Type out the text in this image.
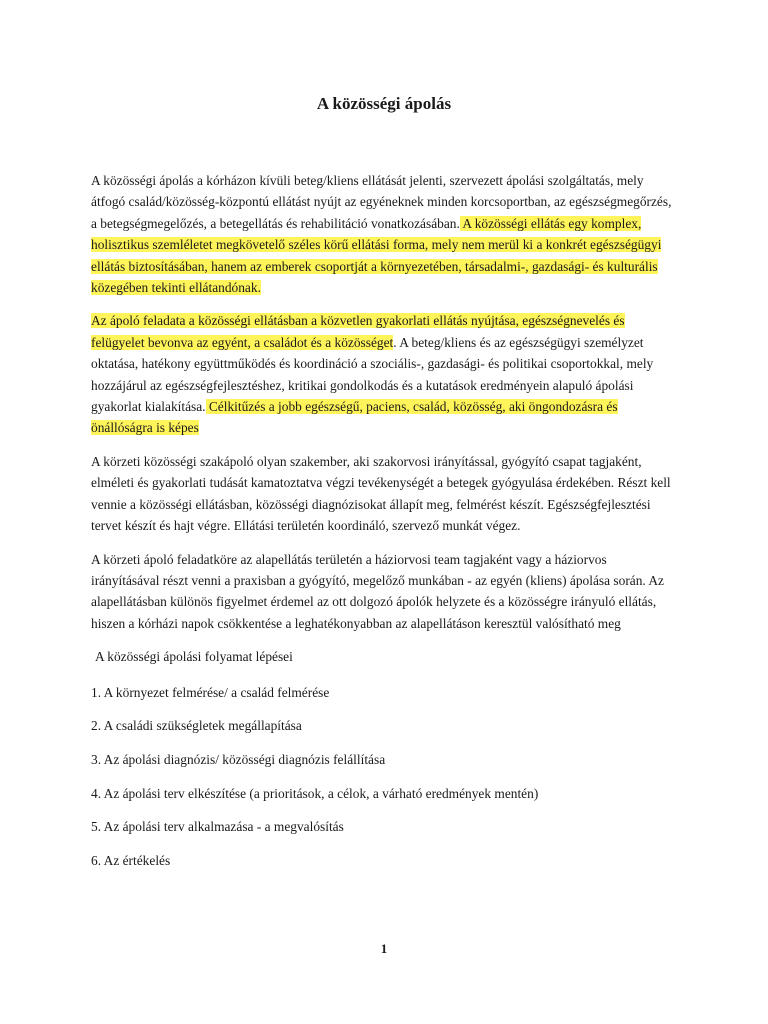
A közösségi ápolás

A közösségi ápolás a kórházon kívüli beteg/kliens ellátását jelenti, szervezett ápolási szolgáltatás, mely átfogó család/közösség-központú ellátást nyújt az egyéneknek minden korcsoportban, az egészségmegőrzés, a betegségmegelőzés, a betegellátás és rehabilitáció vonatkozásában. A közösségi ellátás egy komplex, holisztikus szemléletet megkövetelő széles körű ellátási forma, mely nem merül ki a konkrét egészségügyi ellátás biztosításában, hanem az emberek csoportját a környezetében, társadalmi-, gazdasági- és kulturális közegében tekinti ellátandónak.

Az ápoló feladata a közösségi ellátásban a közvetlen gyakorlati ellátás nyújtása, egészségnevelés és felügyelet bevonva az egyént, a családot és a közösséget. A beteg/kliens és az egészségügyi személyzet oktatása, hatékony együttműködés és koordináció a szociális-, gazdasági- és politikai csoportokkal, mely hozzájárul az egészségfejlesztéshez, kritikai gondolkodás és a kutatások eredményein alapuló ápolási gyakorlat kialakítása. Célkitűzés a jobb egészségű, paciens, család, közösség, aki öngondozásra és önállóságra is képes

A körzeti közösségi szakápoló olyan szakember, aki szakorvosi irányítással, gyógyító csapat tagjaként, elméleti és gyakorlati tudását kamatoztatva végzi tevékenységét a betegek gyógyulása érdekében. Részt kell vennie a közösségi ellátásban, közösségi diagnózisokat állapít meg, felmérést készít. Egészségfejlesztési tervet készít és hajt végre. Ellátási területén koordináló, szervező munkát végez.

A körzeti ápoló feladatköre az alapellátás területén a háziorvosi team tagjaként vagy a háziorvos irányításával részt venni a praxisban a gyógyító, megelőző munkában - az egyén (kliens) ápolása során. Az alapellátásban különös figyelmet érdemel az ott dolgozó ápolók helyzete és a közösségre irányuló ellátás, hiszen a kórházi napok csökkentése a leghatékonyabban az alapellátáson keresztül valósítható meg

A közösségi ápolási folyamat lépései

1. A környezet felmérése/ a család felmérése

2. A családi szükségletek megállapítása

3. Az ápolási diagnózis/ közösségi diagnózis felállítása

4. Az ápolási terv elkészítése (a prioritások, a célok, a várható eredmények mentén)

5. Az ápolási terv alkalmazása - a megvalósítás

6. Az értékelés

1
